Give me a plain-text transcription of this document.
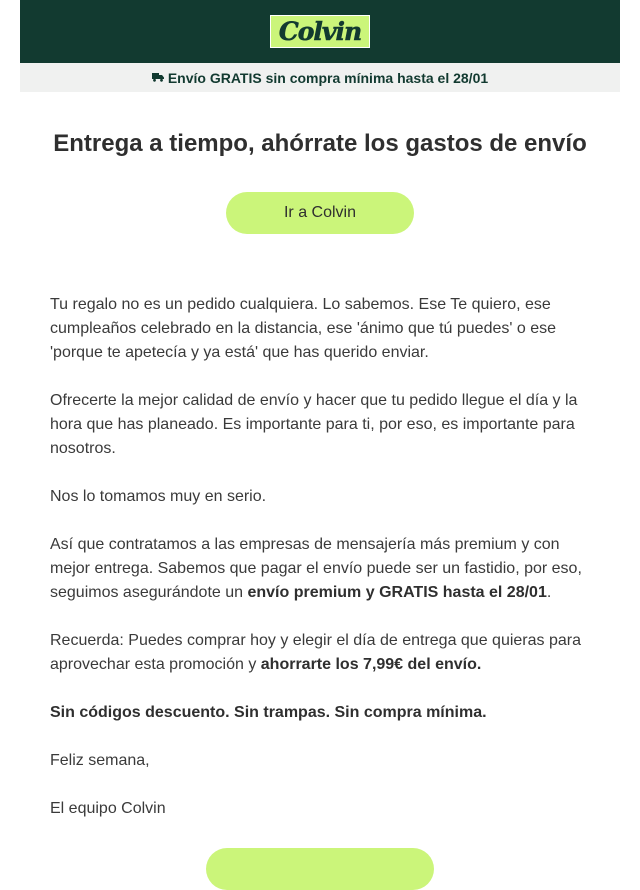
Colvin
Envío GRATIS sin compra mínima hasta el 28/01
Entrega a tiempo, ahórrate los gastos de envío
Ir a Colvin

Tu regalo no es un pedido cualquiera. Lo sabemos. Ese Te quiero, ese cumpleaños celebrado en la distancia, ese 'ánimo que tú puedes' o ese 'porque te apetecía y ya está' que has querido enviar.

Ofrecerte la mejor calidad de envío y hacer que tu pedido llegue el día y la hora que has planeado. Es importante para ti, por eso, es importante para nosotros.

Nos lo tomamos muy en serio.

Así que contratamos a las empresas de mensajería más premium y con mejor entrega. Sabemos que pagar el envío puede ser un fastidio, por eso, seguimos asegurándote un envío premium y GRATIS hasta el 28/01.

Recuerda: Puedes comprar hoy y elegir el día de entrega que quieras para aprovechar esta promoción y ahorrarte los 7,99€ del envío.

Sin códigos descuento. Sin trampas. Sin compra mínima.

Feliz semana,

El equipo Colvin
